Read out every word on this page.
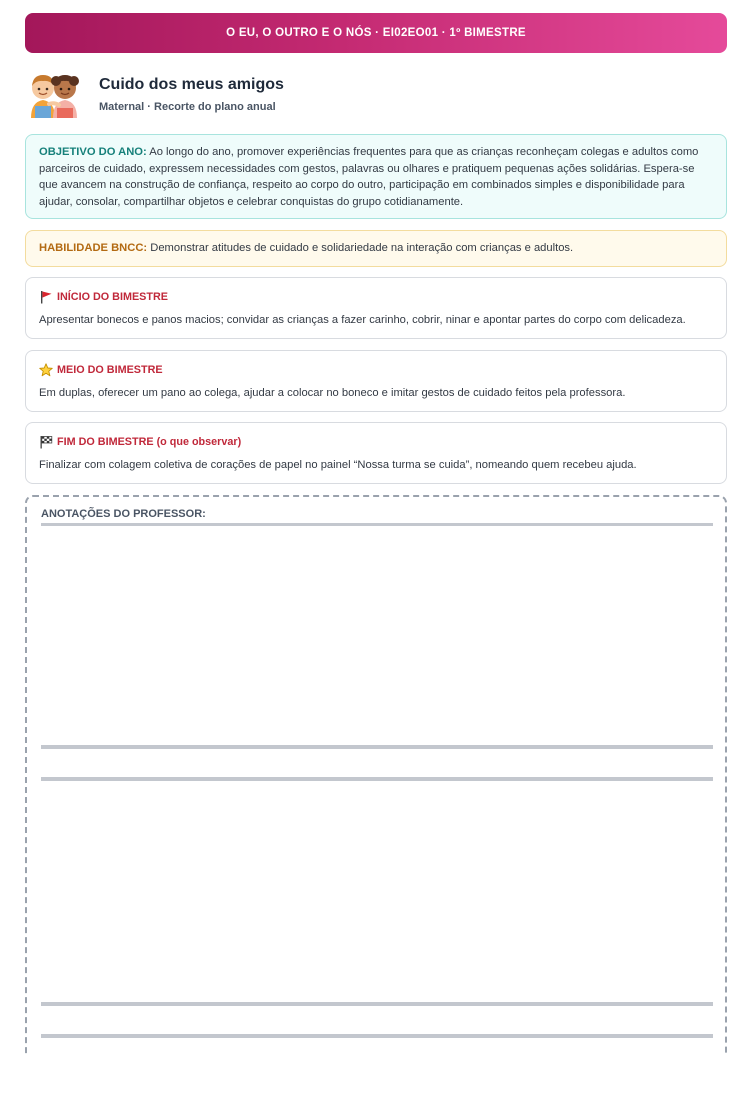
O EU, O OUTRO E O NÓS · EI02EO01 · 1º BIMESTRE
Cuido dos meus amigos
Maternal · Recorte do plano anual
OBJETIVO DO ANO: Ao longo do ano, promover experiências frequentes para que as crianças reconheçam colegas e adultos como parceiros de cuidado, expressem necessidades com gestos, palavras ou olhares e pratiquem pequenas ações solidárias. Espera-se que avancem na construção de confiança, respeito ao corpo do outro, participação em combinados simples e disponibilidade para ajudar, consolar, compartilhar objetos e celebrar conquistas do grupo cotidianamente.
HABILIDADE BNCC: Demonstrar atitudes de cuidado e solidariedade na interação com crianças e adultos.
INÍCIO DO BIMESTRE
Apresentar bonecos e panos macios; convidar as crianças a fazer carinho, cobrir, ninar e apontar partes do corpo com delicadeza.
MEIO DO BIMESTRE
Em duplas, oferecer um pano ao colega, ajudar a colocar no boneco e imitar gestos de cuidado feitos pela professora.
FIM DO BIMESTRE (o que observar)
Finalizar com colagem coletiva de corações de papel no painel “Nossa turma se cuida”, nomeando quem recebeu ajuda.
ANOTAÇÕES DO PROFESSOR:
